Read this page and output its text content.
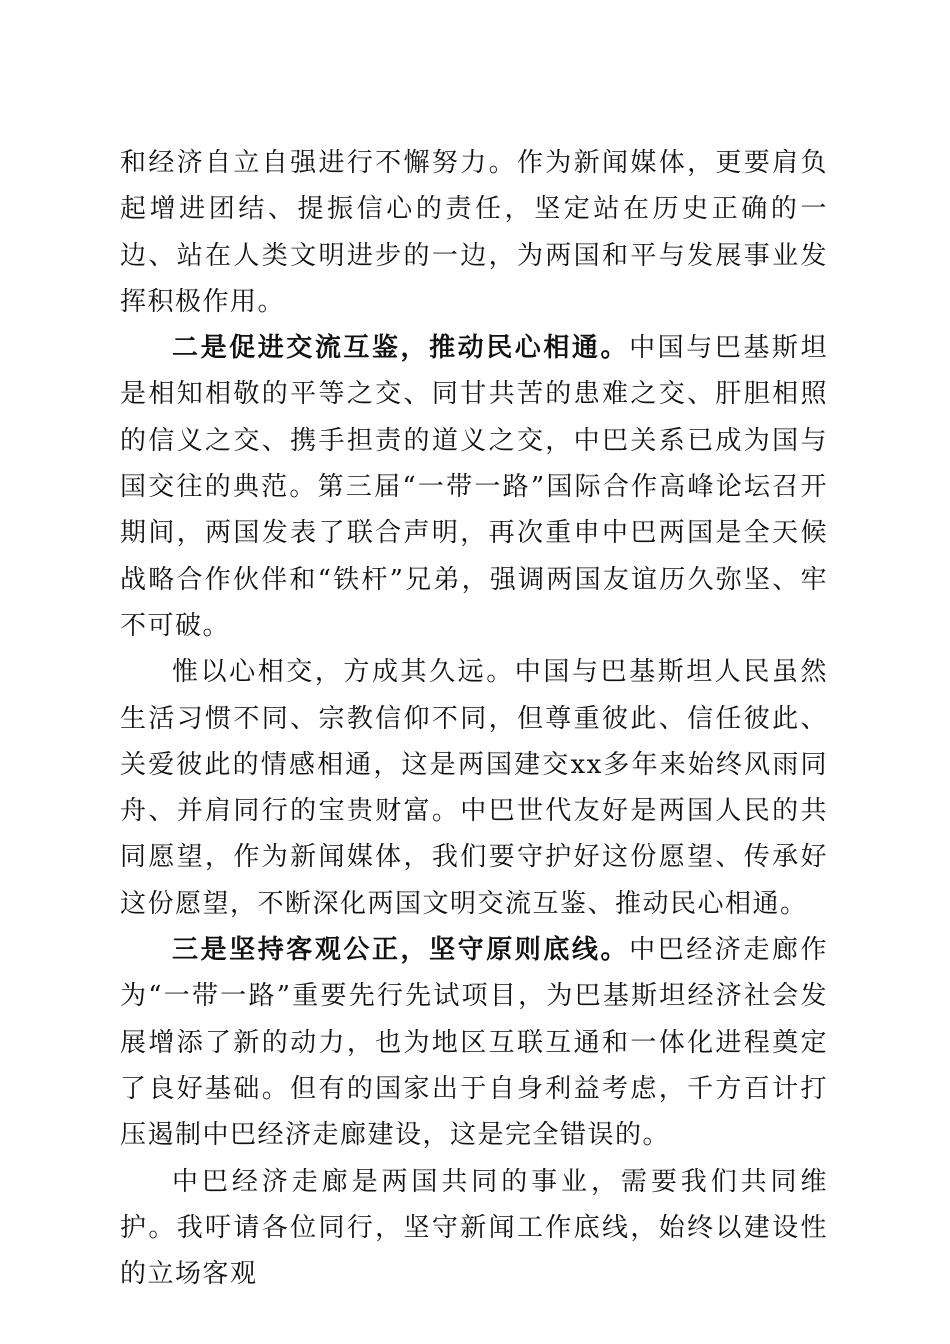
和经济自立自强进行不懈努力。作为新闻媒体，更要肩负起增进团结、提振信心的责任，坚定站在历史正确的一边、站在人类文明进步的一边，为两国和平与发展事业发挥积极作用。

二是促进交流互鉴，推动民心相通。中国与巴基斯坦是相知相敬的平等之交、同甘共苦的患难之交、肝胆相照的信义之交、携手担责的道义之交，中巴关系已成为国与国交往的典范。第三届“一带一路”国际合作高峰论坛召开期间，两国发表了联合声明，再次重申中巴两国是全天候战略合作伙伴和“铁杆”兄弟，强调两国友谊历久弥坚、牢不可破。

惟以心相交，方成其久远。中国与巴基斯坦人民虽然生活习惯不同、宗教信仰不同，但尊重彼此、信任彼此、关爱彼此的情感相通，这是两国建交xx多年来始终风雨同舟、并肩同行的宝贵财富。中巴世代友好是两国人民的共同愿望，作为新闻媒体，我们要守护好这份愿望、传承好这份愿望，不断深化两国文明交流互鉴、推动民心相通。

三是坚持客观公正，坚守原则底线。中巴经济走廊作为“一带一路”重要先行先试项目，为巴基斯坦经济社会发展增添了新的动力，也为地区互联互通和一体化进程奠定了良好基础。但有的国家出于自身利益考虑，千方百计打压遏制中巴经济走廊建设，这是完全错误的。

中巴经济走廊是两国共同的事业，需要我们共同维护。我吁请各位同行，坚守新闻工作底线，始终以建设性的立场客观
